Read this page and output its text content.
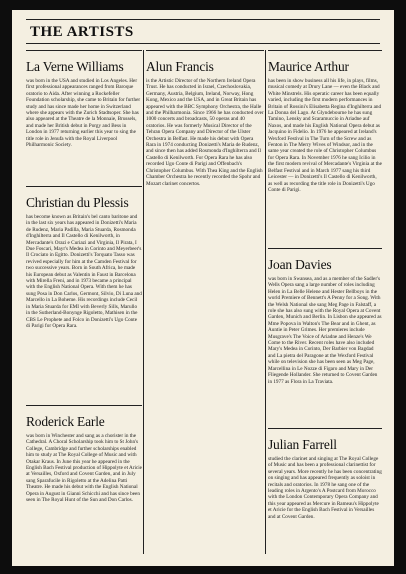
THE ARTISTS
La Verne Williams

was born in the USA and studied in Los Angeles. Her first professional appearances ranged from Baroque oratorio to Aida. After winning a Rockefeller Foundation scholarship, she came to Britain for further study and has since made her home in Switzerland where she appears with the Zurich Stadtsoper. She has also appeared at the Theatre de la Monnaie, Brussels, and made her British debut in Porgy and Bess in London in 1977 returning earlier this year to sing the title role in Jenufa with the Royal Liverpool Philharmonic Society.

Christian du Plessis

has become known as Britain's bel canto baritone and in the last six years has appeared in Donizetti's Maria de Rudenz, Maria Padilla, Maria Stuarda, Rosmonda d'Inghilterra and Il Castello di Kenilworth, in Mercadante's Orazi e Curiazi and Virginia, Il Pirata, I Due Foscari, Mayr's Medea in Corinto and Meyerbeer's Il Crociato in Egitto. Donizetti's Torquato Tasso was revived especially for him at the Camden Festival for two successive years. Born in South Africa, he made his European debut as Valentin in Faust in Barcelona with Mirella Freni, and in 1973 became a principal with the English National Opera. With them he has sung Posa in Don Carlos, Germont, Silvio, Di Luna and Marcello in La Boheme. His recordings include Cecil in Maria Stuarda for EMI with Beverly Sills, Marullo in the Sutherland-Bonynge Rigoletto, Mathisen in the CBS Le Prophete and Folco in Donizetti's Ugo Conte di Parigi for Opera Rara.

Roderick Earle

was born in Winchester and sang as a chorister in the Cathedral. A Choral Scholarship took him to St John's College, Cambridge and further scholarships enabled him to study at The Royal College of Music and with Otakar Kraus. In June this year he appeared in the English Bach Festival production of Hippolyte et Aricie at Versailles, Oxford and Covent Garden, and in July sang Sparafucile in Rigoletto at the Adelina Patti Theatre. He made his debut with the English National Opera in August in Gianni Schicchi and has since been seen in The Royal Hunt of the Sun and Don Carlos.

Alun Francis

is the Artistic Director of the Northern Ireland Opera Trust. He has conducted in Israel, Czechoslovakia, Germany, Austria, Belgium, Ireland, Norway, Hong Kong, Mexico and the USA, and in Great Britain has appeared with the BBC Symphony Orchestra, the Halle and the Philharmonia. Since 1966 he has conducted over 1000 concerts and broadcasts, 50 operas and 40 oratorios. He was formerly Musical Director of the Tehran Opera Company and Director of the Ulster Orchestra in Belfast. He made his debut with Opera Rara in 1974 conducting Donizetti's Maria de Rudenz, and since then has added Rosmonda d'Inghilterra and Il Castello di Kenilworth. For Opera Rara he has also recorded Ugo Conte di Parigi and Offenbach's Christopher Columbus. With Thea King and the English Chamber Orchestra he recently recorded the Spohr and Mozart clarinet concertos.

Maurice Arthur

has been in show business all his life, in plays, films, musical comedy at Drury Lane — even the Black and White Minstrels. His operatic career has been equally varied, including the first modern performances in Britain of Rossini's Elisabetta Regina d'Inghilterra and La Donna del Lago. At Glyndebourne he has sung Tamino, Lensky and Scaramuccio in Ariadne auf Naxos, and made his English National Opera debut as Jacquino in Fidelio. In 1976 he appeared at Ireland's Wexford Festival in The Turn of the Screw and as Fenton in The Merry Wives of Windsor, and in the same year created the role of Christopher Columbus for Opera Rara. In November 1976 he sang Icilio in the first modern revival of Mercadante's Virginia at the Belfast Festival and in March 1977 sang his third Leicester — in Donizetti's Il Castello di Kenilworth, as well as recording the title role in Donizetti's Ugo Conte di Parigi.

Joan Davies

was born in Swansea, and as a member of the Sadler's Wells Opera sang a large number of roles including Helen in La Belle Helene and Hester Bellboys in the world Premiere of Bennett's A Penny for a Song. With the Welsh National she sang Meg Page in Falstaff, a role she has also sung with the Royal Opera at Covent Garden, Munich and Berlin. In Lisbon she appeared as Mme Popova in Walton's The Bear and in Ghent, as Auntie in Peter Grimes. Her premieres include Musgrave's The Voice of Ariadne and Henze's We Come to the River. Recent roles have also included Mary's Medea in Corinto, Der Barbier von Bagdad and La pietra del Paragone at the Wexford Festival while on television she has been seen as Meg Page, Marcellina in Le Nozze di Figaro and Mary in Der Fliegende Hollander. She returned to Covent Garden in 1977 as Flora in La Traviata.

Julian Farrell

studied the clarinet and singing at The Royal College of Music and has been a professional clarinettist for several years. More recently he has been concentrating on singing and has appeared frequently as soloist in recitals and oratorios. In 1978 he sang one of the leading roles in Argento's A Postcard from Morocco with the London Contemporary Opera Company and this year appeared as Mercure in Rameau's Hippolyte et Aricie for the English Bach Festival in Versailles and at Covent Garden.
